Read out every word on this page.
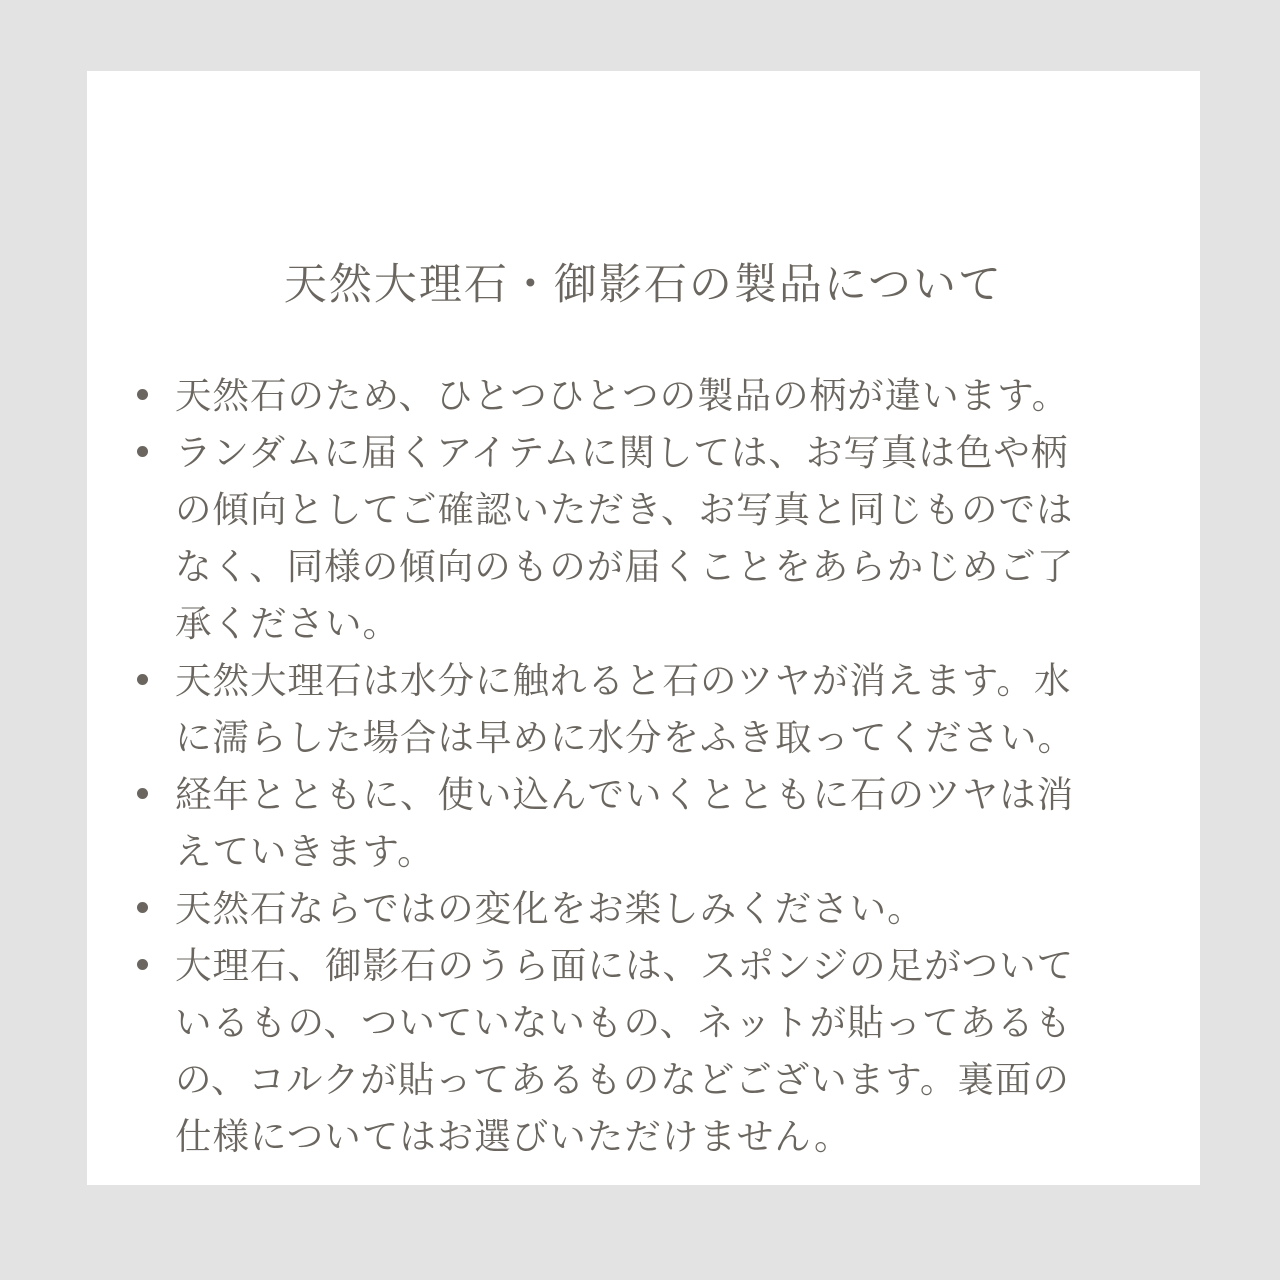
天然大理石・御影石の製品について
天然石のため、ひとつひとつの製品の柄が違います。
ランダムに届くアイテムに関しては、お写真は色や柄
の傾向としてご確認いただき、お写真と同じものでは
なく、同様の傾向のものが届くことをあらかじめご了
承ください。
天然大理石は水分に触れると石のツヤが消えます。水
に濡らした場合は早めに水分をふき取ってください。
経年とともに、使い込んでいくとともに石のツヤは消
えていきます。
天然石ならではの変化をお楽しみください。
大理石、御影石のうら面には、スポンジの足がついて
いるもの、ついていないもの、ネットが貼ってあるも
の、コルクが貼ってあるものなどございます。裏面の
仕様についてはお選びいただけません。
